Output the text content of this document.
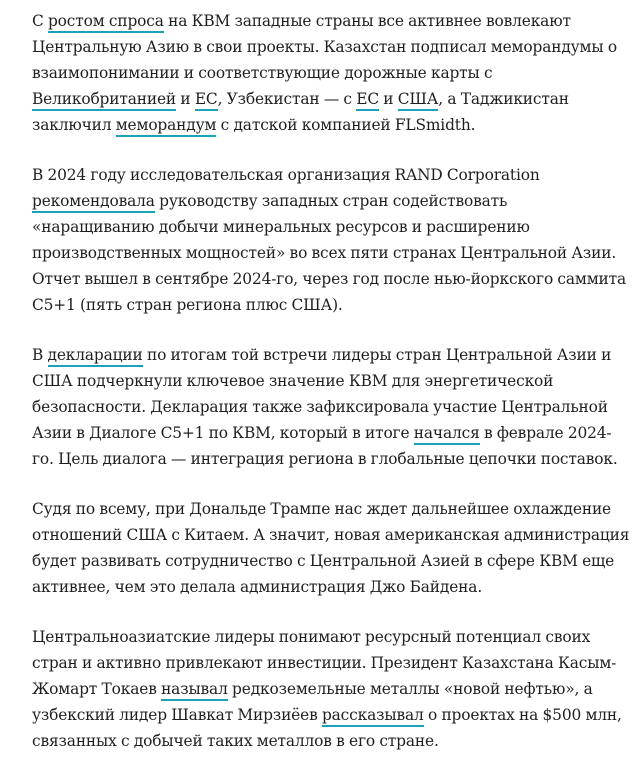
С ростом спроса на КВМ западные страны все активнее вовлекают Центральную Азию в свои проекты. Казахстан подписал меморандумы о взаимопонимании и соответствующие дорожные карты с Великобританией и ЕС, Узбекистан — с ЕС и США, а Таджикистан заключил меморандум с датской компанией FLSmidth.

В 2024 году исследовательская организация RAND Corporation рекомендовала руководству западных стран содействовать «наращиванию добычи минеральных ресурсов и расширению производственных мощностей» во всех пяти странах Центральной Азии. Отчет вышел в сентябре 2024-го, через год после нью-йоркского саммита C5+1 (пять стран региона плюс США).

В декларации по итогам той встречи лидеры стран Центральной Азии и США подчеркнули ключевое значение КВМ для энергетической безопасности. Декларация также зафиксировала участие Центральной Азии в Диалоге C5+1 по КВМ, который в итоге начался в феврале 2024-го. Цель диалога — интеграция региона в глобальные цепочки поставок.

Судя по всему, при Дональде Трампе нас ждет дальнейшее охлаждение отношений США с Китаем. А значит, новая американская администрация будет развивать сотрудничество с Центральной Азией в сфере КВМ еще активнее, чем это делала администрация Джо Байдена.

Центральноазиатские лидеры понимают ресурсный потенциал своих стран и активно привлекают инвестиции. Президент Казахстана Касым-Жомарт Токаев называл редкоземельные металлы «новой нефтью», а узбекский лидер Шавкат Мирзиёев рассказывал о проектах на $500 млн, связанных с добычей таких металлов в его стране.
